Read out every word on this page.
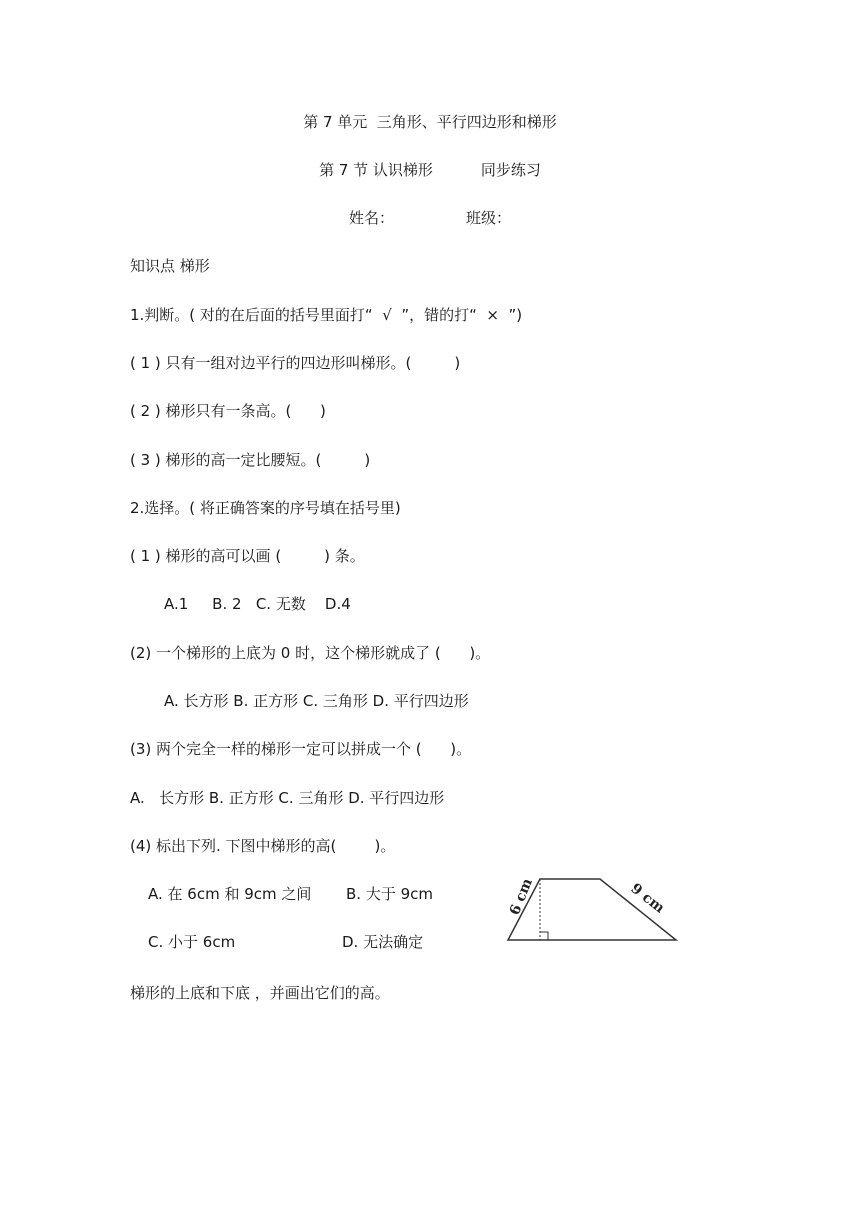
第 7 单元  三角形、平行四边形和梯形
第 7 节 认识梯形	同步练习
姓名：	班级：
知识点 梯形
1.判断。( 对的在后面的括号里面打“  √  ”，错的打“  ×  ”)
( 1 ) 只有一组对边平行的四边形叫梯形。(         )
( 2 ) 梯形只有一条高。(      )
( 3 ) 梯形的高一定比腰短。(         )
2.选择。( 将正确答案的序号填在括号里)
( 1 ) 梯形的高可以画 (         ) 条。
A.1     B. 2   C. 无数    D.4
(2) 一个梯形的上底为 0 时，这个梯形就成了 (      )。
A. 长方形 B. 正方形 C. 三角形 D. 平行四边形
(3) 两个完全一样的梯形一定可以拼成一个 (      )。
A.   长方形 B. 正方形 C. 三角形 D. 平行四边形
(4) 标出下列. 下图中梯形的高(        )。
A. 在 6cm 和 9cm 之间 B. 大于 9cm
C. 小于 6cm	D. 无法确定
6 cm	9 cm
梯形的上底和下底 ，并画出它们的高。
